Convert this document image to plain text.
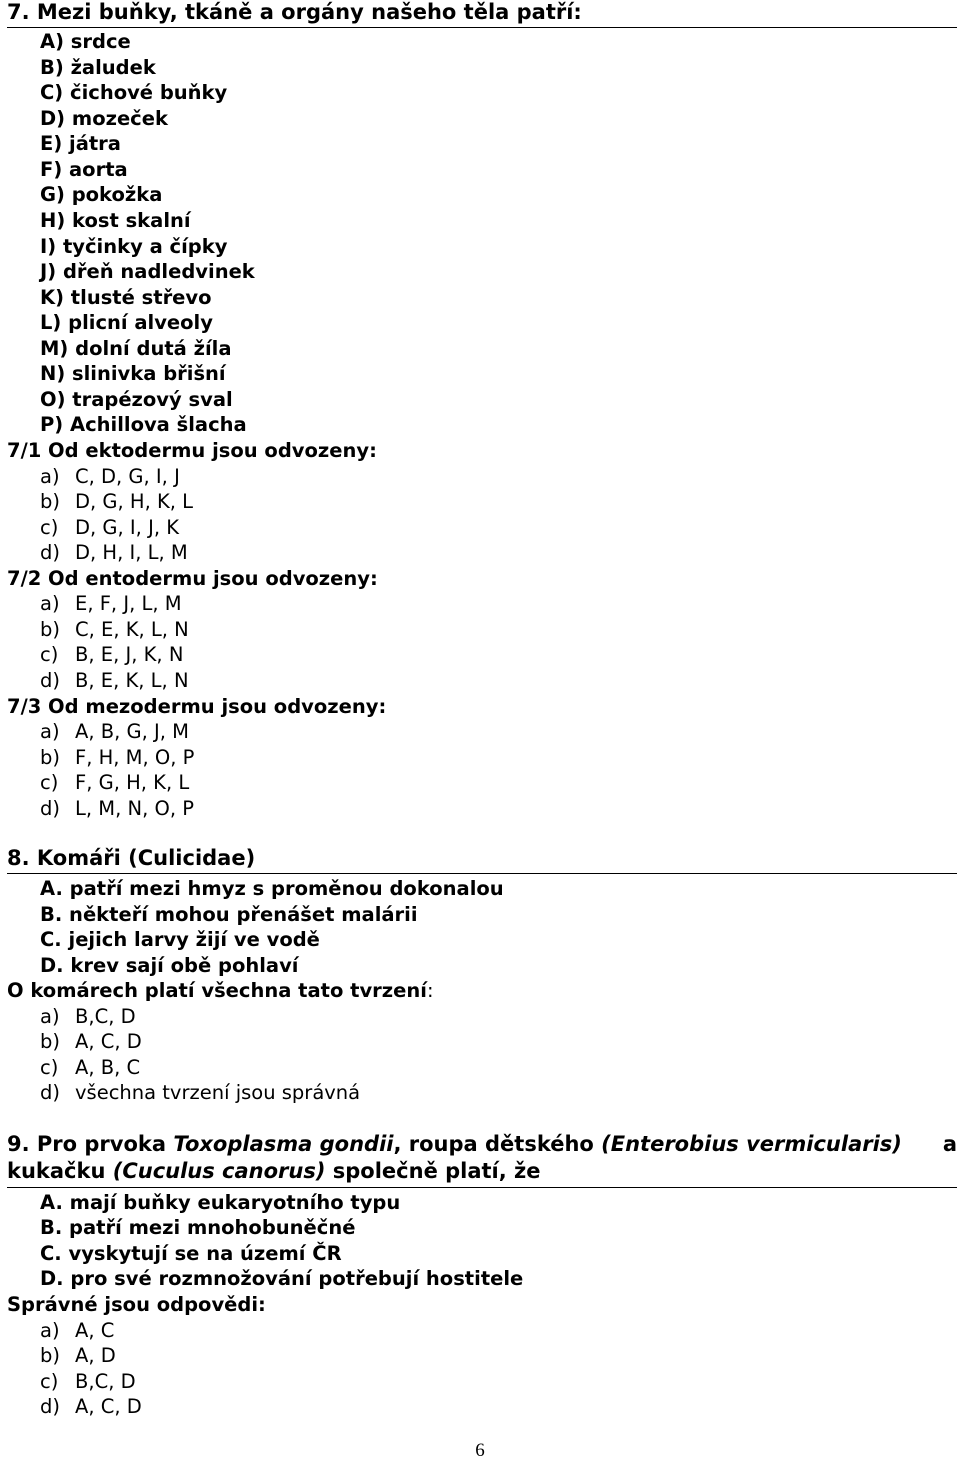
7. Mezi buňky, tkáně a orgány našeho těla patří:
A) srdce
B) žaludek
C) čichové buňky
D) mozeček
E) játra
F) aorta
G) pokožka
H) kost skalní
I) tyčinky a čípky
J) dřeň nadledvinek
K) tlusté střevo
L) plicní alveoly
M) dolní dutá žíla
N) slinivka břišní
O) trapézový sval
P) Achillova šlacha
7/1 Od ektodermu jsou odvozeny:
a) C, D, G, I, J
b) D, G, H, K, L
c) D, G, I, J, K
d) D, H, I, L, M
7/2 Od entodermu jsou odvozeny:
a) E, F, J, L, M
b) C, E, K, L, N
c) B, E, J, K, N
d) B, E, K, L, N
7/3 Od mezodermu jsou odvozeny:
a) A, B, G, J, M
b) F, H, M, O, P
c) F, G, H, K, L
d) L, M, N, O, P
8. Komáři (Culicidae)
A. patří mezi hmyz s proměnou dokonalou
B. někteří mohou přenášet malárii
C. jejich larvy žijí ve vodě
D. krev sají obě pohlaví
O komárech platí všechna tato tvrzení:
a) B,C, D
b) A, C, D
c) A, B, C
d) všechna tvrzení jsou správná
9. Pro prvoka Toxoplasma gondii, roupa dětského (Enterobius vermicularis) a
kukačku (Cuculus canorus) společně platí, že
A. mají buňky eukaryotního typu
B. patří mezi mnohobuněčné
C. vyskytují se na území ČR
D. pro své rozmnožování potřebují hostitele
Správné jsou odpovědi:
a) A, C
b) A, D
c) B,C, D
d) A, C, D
6
